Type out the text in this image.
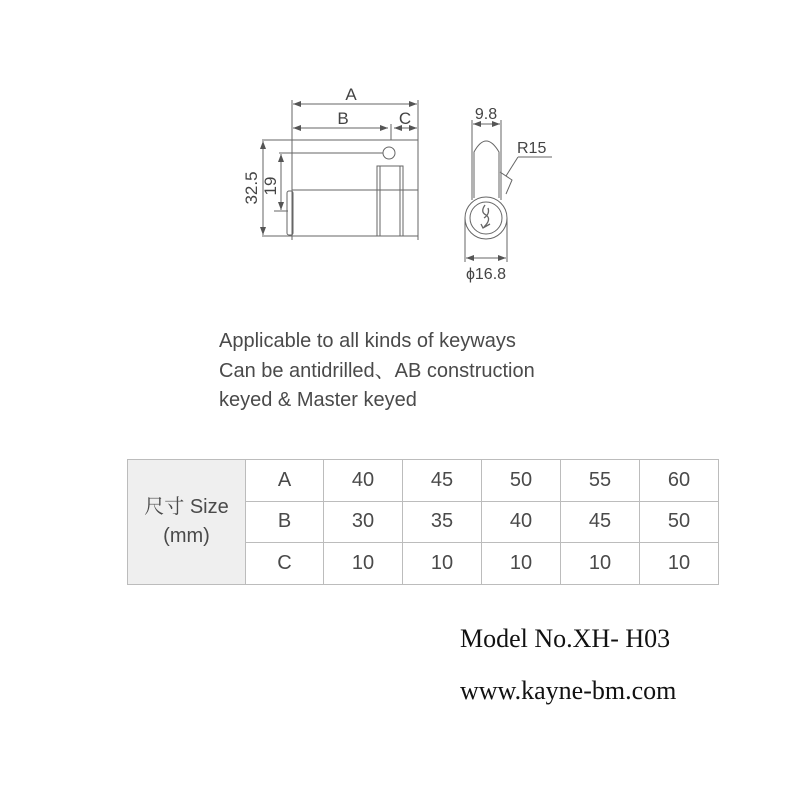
A
B	C
32.5 19
9.8
R15
ϕ16.8
Applicable to all kinds of keyways
Can be antidrilled、AB construction
keyed & Master keyed
尺寸 Size
(mm)	A	40	45	50	55	60
	B	30	35	40	45	50
	C	10	10	10	10	10
Model No.XH- H03
www.kayne-bm.com
